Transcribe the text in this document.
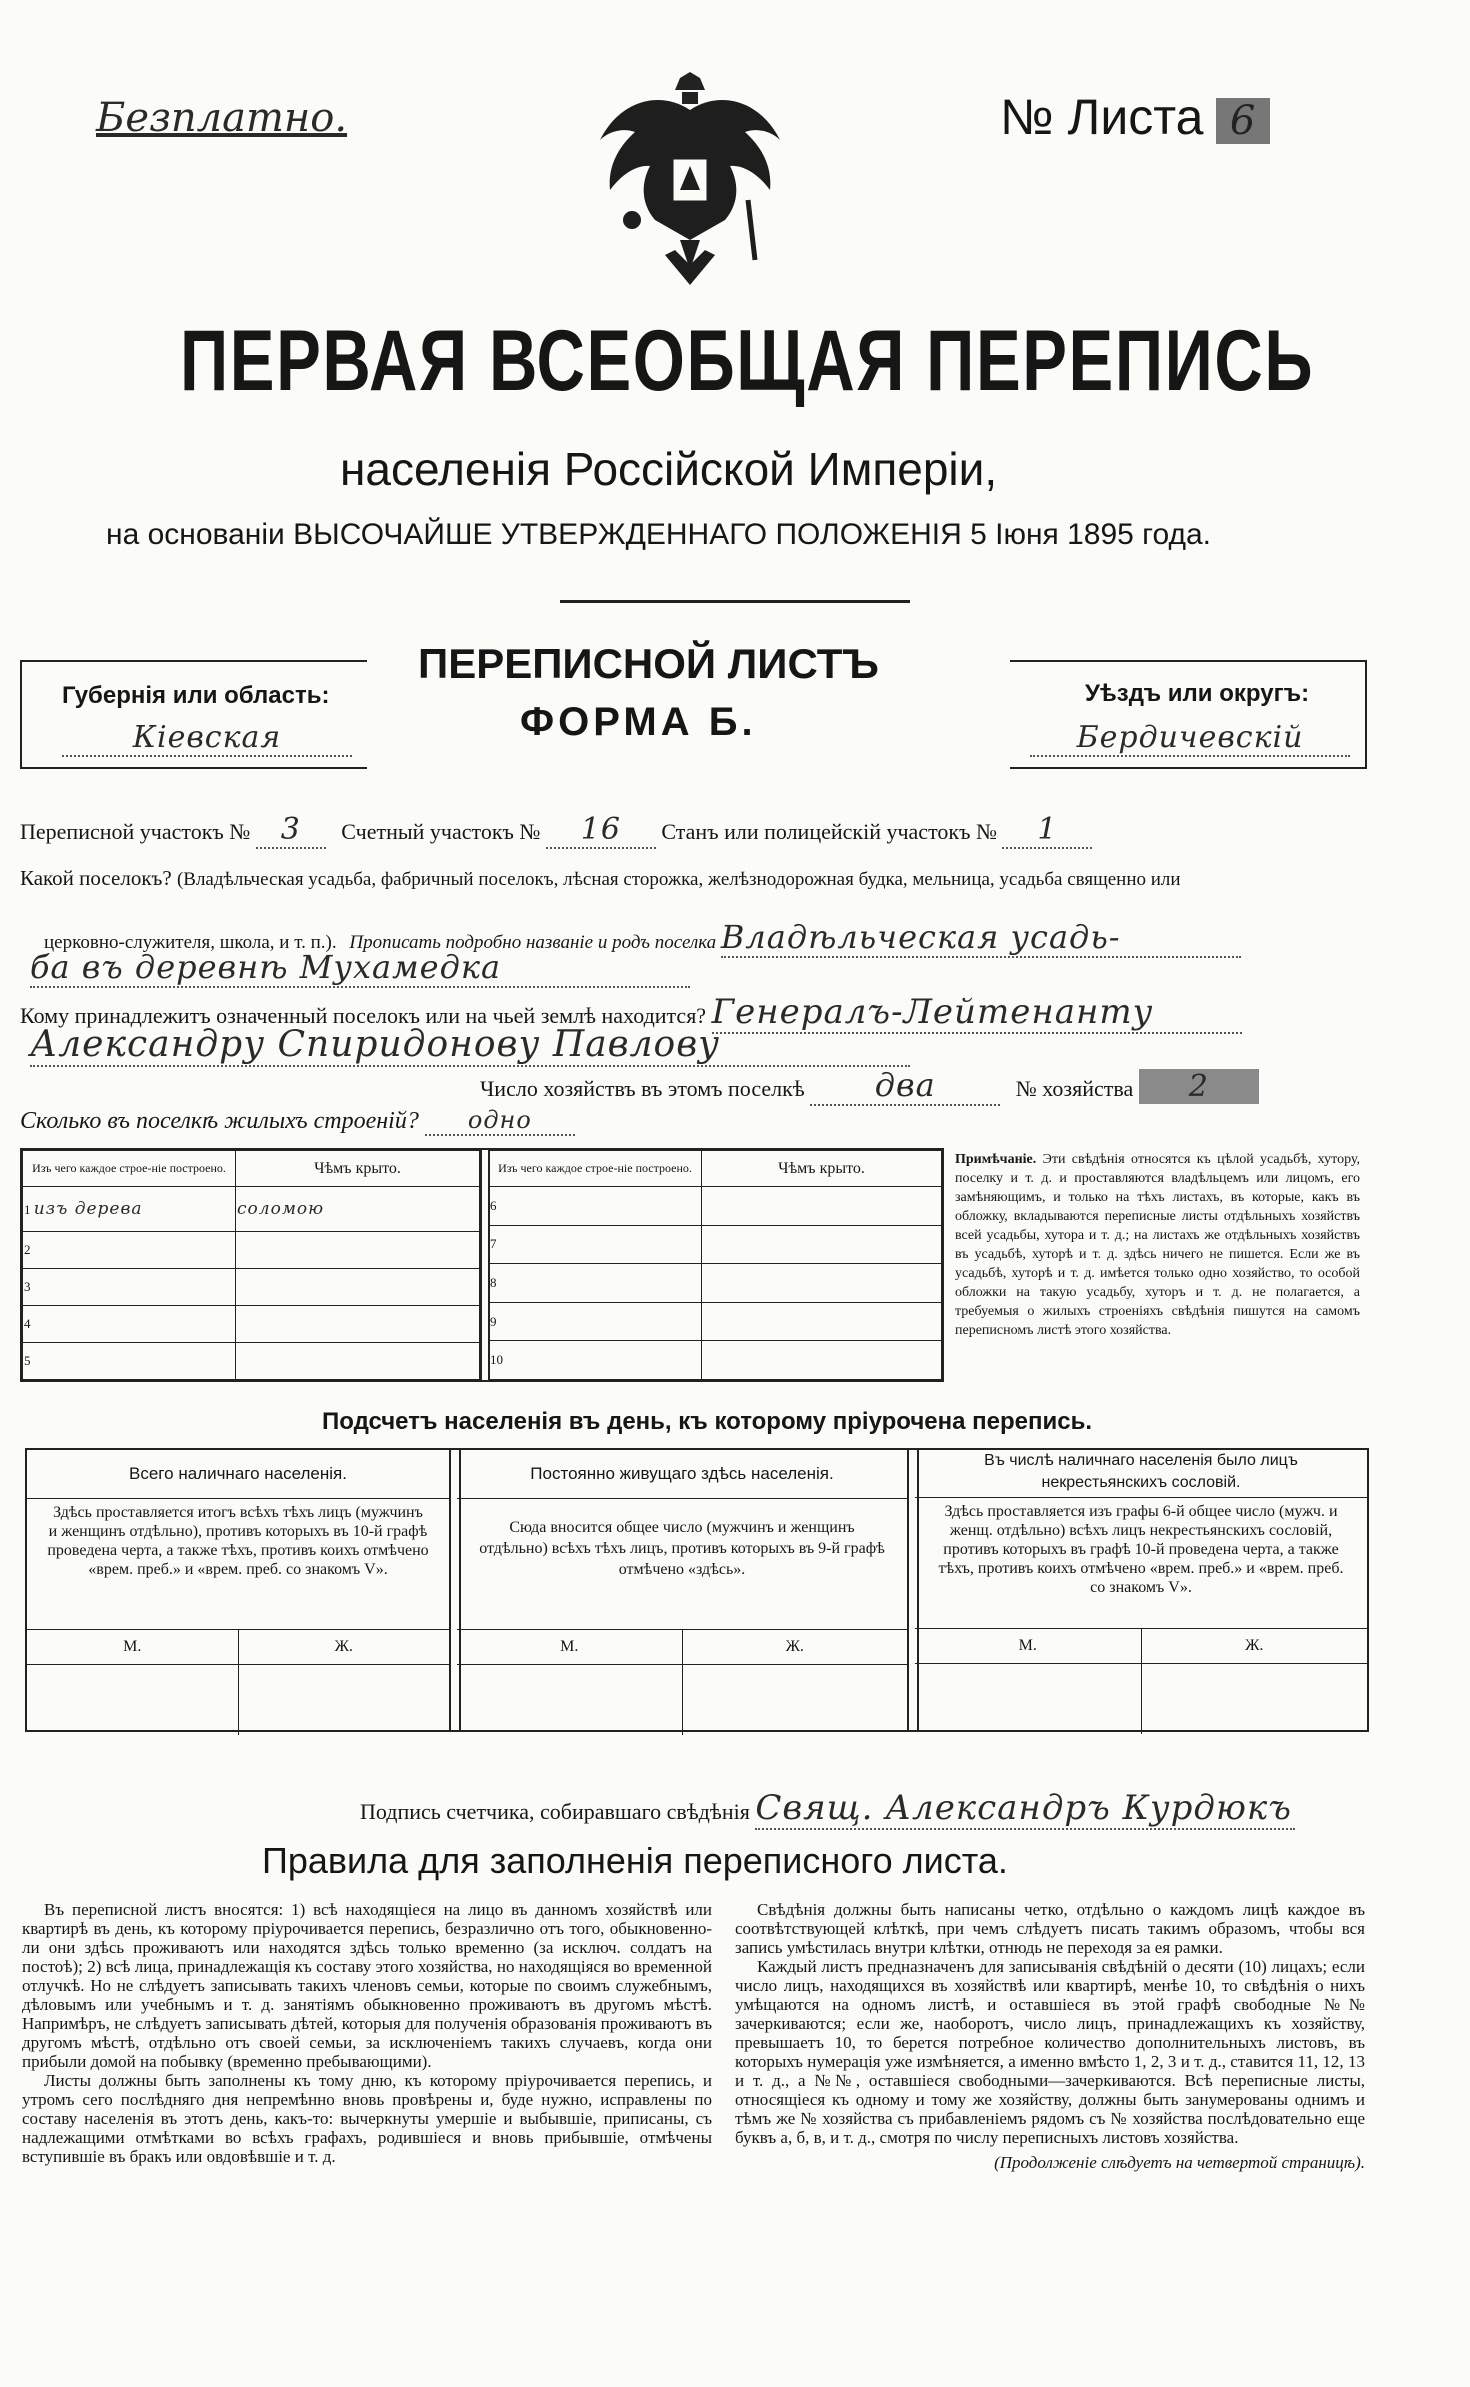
Безплатно.	№ Листа 6
ПЕРВАЯ ВСЕОБЩАЯ ПЕРЕПИСЬ
населенія Россійской Имперіи,
на основаніи ВЫСОЧАЙШЕ УТВЕРЖДЕННАГО ПОЛОЖЕНІЯ 5 Іюня 1895 года.
Губернія или область:
Кіевская
ПЕРЕПИСНОЙ ЛИСТЪ
ФОРМА Б.
Уѣздъ или округъ:
Бердичевскій
Переписной участокъ № 3 Счетный участокъ № 16 Станъ или полицейскій участокъ № 1
Какой поселокъ? (Владѣльческая усадьба, фабричный поселокъ, лѣсная сторожка, желѣзнодорожная будка, мельница, усадьба священно или
церковно-служителя, школа, и т. п.). Прописать подробно названіе и родъ поселка Владѣльческая усадь-
ба въ деревнѣ Мухамедка
Кому принадлежитъ означенный поселокъ или на чьей землѣ находится? Генералъ-Лейтенанту
Александру Спиридонову Павлову
Число хозяйствъ въ этомъ поселкѣ два	№ хозяйства 2
Сколько въ поселкѣ жилыхъ строеній? одно
Изъ чего каждое строе-ніе построено.	Чѣмъ крыто.
1 изъ дерева	соломою
2	
3	
4	
5	
Изъ чего каждое строе-ніе построено.	Чѣмъ крыто.
6	
7	
8	
9	
10	

Примѣчаніе. Эти свѣдѣнія относятся къ цѣлой усадьбѣ, хутору, поселку и т. д. и проставляются владѣльцемъ или лицомъ, его замѣняющимъ, и только на тѣхъ листахъ, въ которые, какъ въ обложку, вкладываются переписные листы отдѣльныхъ хозяйствъ всей усадьбы, хутора и т. д.; на листахъ же отдѣльныхъ хозяйствъ въ усадьбѣ, хуторѣ и т. д. здѣсь ничего не пишется. Если же въ усадьбѣ, хуторѣ и т. д. имѣется только одно хозяйство, то особой обложки на такую усадьбу, хуторъ и т. д. не полагается, а требуемыя о жилыхъ строеніяхъ свѣдѣнія пишутся на самомъ переписномъ листѣ этого хозяйства.

Подсчетъ населенія въ день, къ которому пріурочена перепись.
Всего наличнаго населенія.
Здѣсь проставляется итогъ всѣхъ тѣхъ лицъ (мужчинъ и женщинъ отдѣльно), противъ которыхъ въ 10-й графѣ проведена черта, а также тѣхъ, противъ коихъ отмѣчено «врем. преб.» и «врем. преб. со знакомъ V».
М.	Ж.
Постоянно живущаго здѣсь населенія.
Сюда вносится общее число (мужчинъ и женщинъ отдѣльно) всѣхъ тѣхъ лицъ, противъ которыхъ въ 9-й графѣ отмѣчено «здѣсь».
М.	Ж.
Въ числѣ наличнаго населенія было лицъ некрестьянскихъ сословій.
Здѣсь проставляется изъ графы 6-й общее число (мужч. и женщ. отдѣльно) всѣхъ лицъ некрестьянскихъ сословій, противъ которыхъ въ графѣ 10-й проведена черта, а также тѣхъ, противъ коихъ отмѣчено «врем. преб.» и «врем. преб. со знакомъ V».
М.	Ж.
Подпись счетчика, собиравшаго свѣдѣнія Свящ. Александръ Курдюкъ
Правила для заполненія переписного листа.

Въ переписной листъ вносятся: 1) всѣ находящіеся на лицо въ данномъ хозяйствѣ или квартирѣ въ день, къ которому пріурочивается перепись, безразлично отъ того, обыкновенно-ли они здѣсь проживаютъ или находятся здѣсь только временно (за исключ. солдатъ на постоѣ); 2) всѣ лица, принадлежащія къ составу этого хозяйства, но находящіяся во временной отлучкѣ. Но не слѣдуетъ записывать такихъ членовъ семьи, которые по своимъ служебнымъ, дѣловымъ или учебнымъ и т. д. занятіямъ обыкновенно проживаютъ въ другомъ мѣстѣ. Напримѣръ, не слѣдуетъ записывать дѣтей, которыя для полученія образованія проживаютъ въ другомъ мѣстѣ, отдѣльно отъ своей семьи, за исключеніемъ такихъ случаевъ, когда они прибыли домой на побывку (временно пребывающими).

Листы должны быть заполнены къ тому дню, къ которому пріурочивается перепись, и утромъ сего послѣдняго дня непремѣнно вновь провѣрены и, буде нужно, исправлены по составу населенія въ этотъ день, какъ-то: вычеркнуты умершіе и выбывшіе, приписаны, съ надлежащими отмѣтками во всѣхъ графахъ, родившіеся и вновь прибывшіе, отмѣчены вступившіе въ бракъ или овдовѣвшіе и т. д.

Свѣдѣнія должны быть написаны четко, отдѣльно о каждомъ лицѣ каждое въ соотвѣтствующей клѣткѣ, при чемъ слѣдуетъ писать такимъ образомъ, чтобы вся запись умѣстилась внутри клѣтки, отнюдь не переходя за ея рамки.

Каждый листъ предназначенъ для записыванія свѣдѣній о десяти (10) лицахъ; если число лицъ, находящихся въ хозяйствѣ или квартирѣ, менѣе 10, то свѣдѣнія о нихъ умѣщаются на одномъ листѣ, и оставшіеся въ этой графѣ свободные №№ зачеркиваются; если же, наоборотъ, число лицъ, принадлежащихъ къ хозяйству, превышаетъ 10, то берется потребное количество дополнительныхъ листовъ, въ которыхъ нумерація уже измѣняется, а именно вмѣсто 1, 2, 3 и т. д., ставится 11, 12, 13 и т. д., а №№, оставшіеся свободными—зачеркиваются. Всѣ переписные листы, относящіеся къ одному и тому же хозяйству, должны быть занумерованы однимъ и тѣмъ же № хозяйства съ прибавленіемъ рядомъ съ № хозяйства послѣдовательно еще буквъ а, б, в, и т. д., смотря по числу переписныхъ листовъ хозяйства.

(Продолженіе слѣдуетъ на четвертой страницѣ).
